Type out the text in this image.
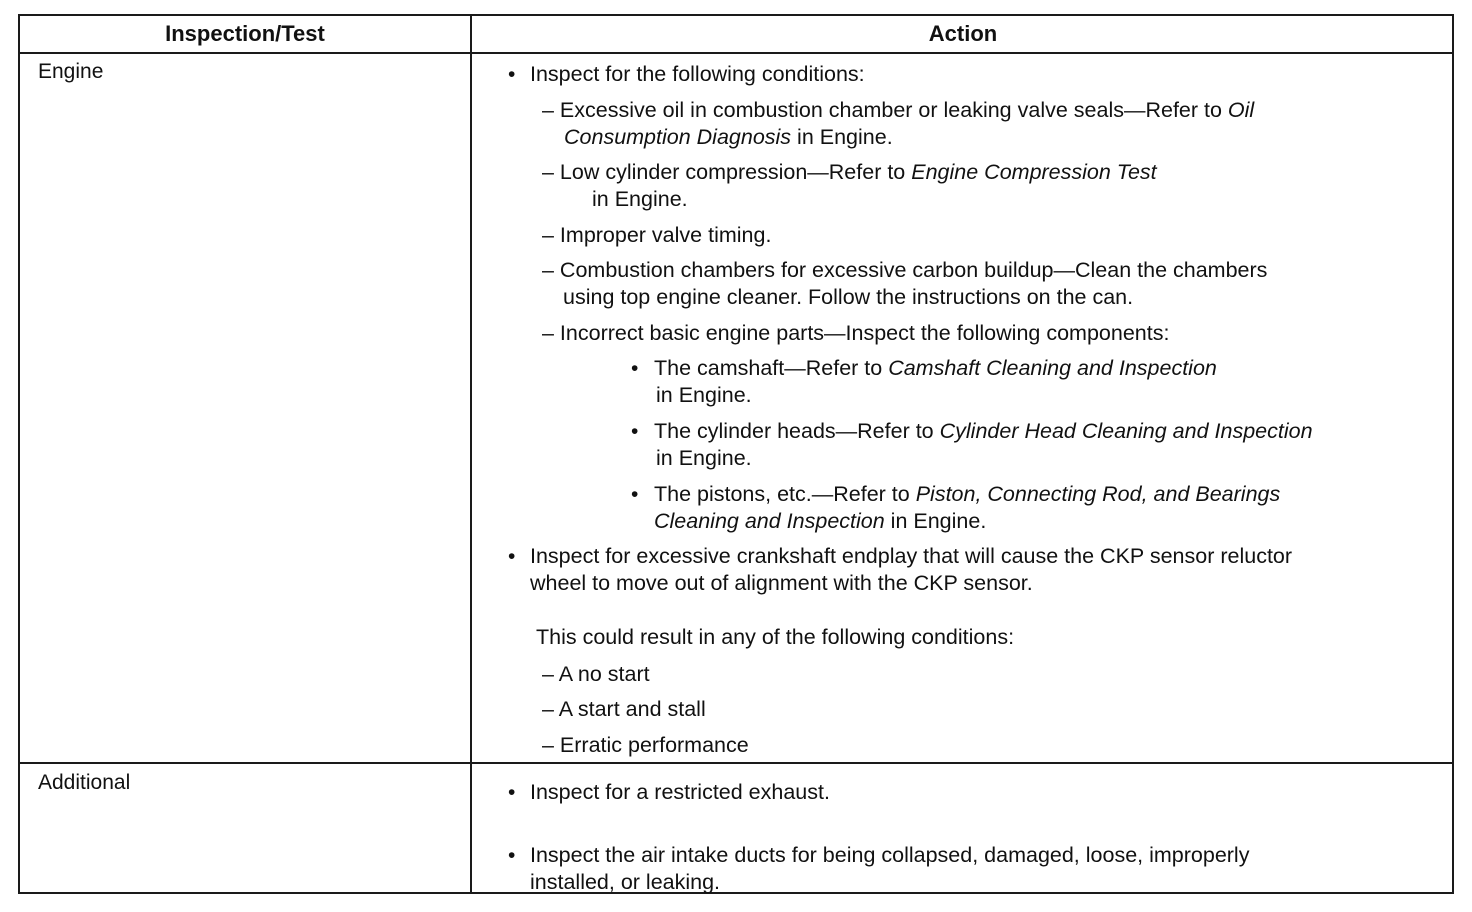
Inspection/Test	Action
Engine	• Inspect for the following conditions:
– Excessive oil in combustion chamber or leaking valve seals—Refer to Oil
Consumption Diagnosis in Engine.
– Low cylinder compression—Refer to Engine Compression Test
in Engine.
– Improper valve timing.
– Combustion chambers for excessive carbon buildup—Clean the chambers
using top engine cleaner. Follow the instructions on the can.
– Incorrect basic engine parts—Inspect the following components:
• The camshaft—Refer to Camshaft Cleaning and Inspection
in Engine.
• The cylinder heads—Refer to Cylinder Head Cleaning and Inspection
in Engine.
• The pistons, etc.—Refer to Piston, Connecting Rod, and Bearings
Cleaning and Inspection in Engine.
• Inspect for excessive crankshaft endplay that will cause the CKP sensor reluctor
wheel to move out of alignment with the CKP sensor.
This could result in any of the following conditions:
– A no start
– A start and stall
– Erratic performance
Additional	• Inspect for a restricted exhaust.
• Inspect the air intake ducts for being collapsed, damaged, loose, improperly
installed, or leaking.
